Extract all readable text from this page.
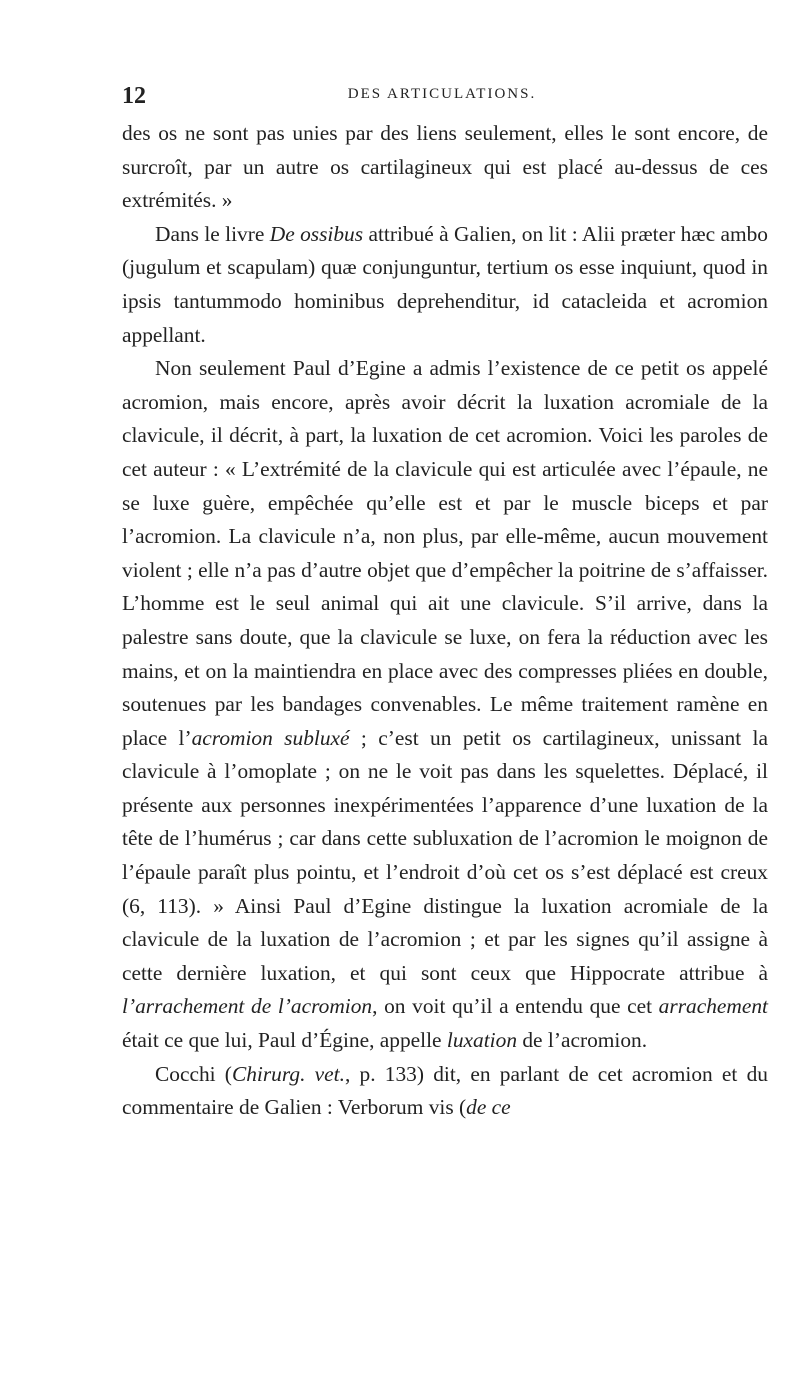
12	DES ARTICULATIONS.

des os ne sont pas unies par des liens seulement, elles le sont encore, de surcroît, par un autre os cartilagineux qui est placé au-dessus de ces extrémités. »

Dans le livre De ossibus attribué à Galien, on lit : Alii præter hæc ambo (jugulum et scapulam) quæ conjunguntur, tertium os esse inquiunt, quod in ipsis tantummodo hominibus deprehenditur, id catacleida et acromion appellant.

Non seulement Paul d’Egine a admis l’existence de ce petit os appelé acromion, mais encore, après avoir décrit la luxation acromiale de la clavicule, il décrit, à part, la luxation de cet acromion. Voici les paroles de cet auteur : « L’extrémité de la clavicule qui est articulée avec l’épaule, ne se luxe guère, empêchée qu’elle est et par le muscle biceps et par l’acromion. La clavicule n’a, non plus, par elle-même, aucun mouvement violent ; elle n’a pas d’autre objet que d’empêcher la poitrine de s’affaisser. L’homme est le seul animal qui ait une clavicule. S’il arrive, dans la palestre sans doute, que la clavicule se luxe, on fera la réduction avec les mains, et on la maintiendra en place avec des compresses pliées en double, soutenues par les bandages convenables. Le même traitement ramène en place l’acromion subluxé ; c’est un petit os cartilagineux, unissant la clavicule à l’omoplate ; on ne le voit pas dans les squelettes. Déplacé, il présente aux personnes inexpérimentées l’apparence d’une luxation de la tête de l’humérus ; car dans cette subluxation de l’acromion le moignon de l’épaule paraît plus pointu, et l’endroit d’où cet os s’est déplacé est creux (6, 113). » Ainsi Paul d’Egine distingue la luxation acromiale de la clavicule de la luxation de l’acromion ; et par les signes qu’il assigne à cette dernière luxation, et qui sont ceux que Hippocrate attribue à l’arrachement de l’acromion, on voit qu’il a entendu que cet arrachement était ce que lui, Paul d’Égine, appelle luxation de l’acromion.

Cocchi (Chirurg. vet., p. 133) dit, en parlant de cet acromion et du commentaire de Galien : Verborum vis (de ce
